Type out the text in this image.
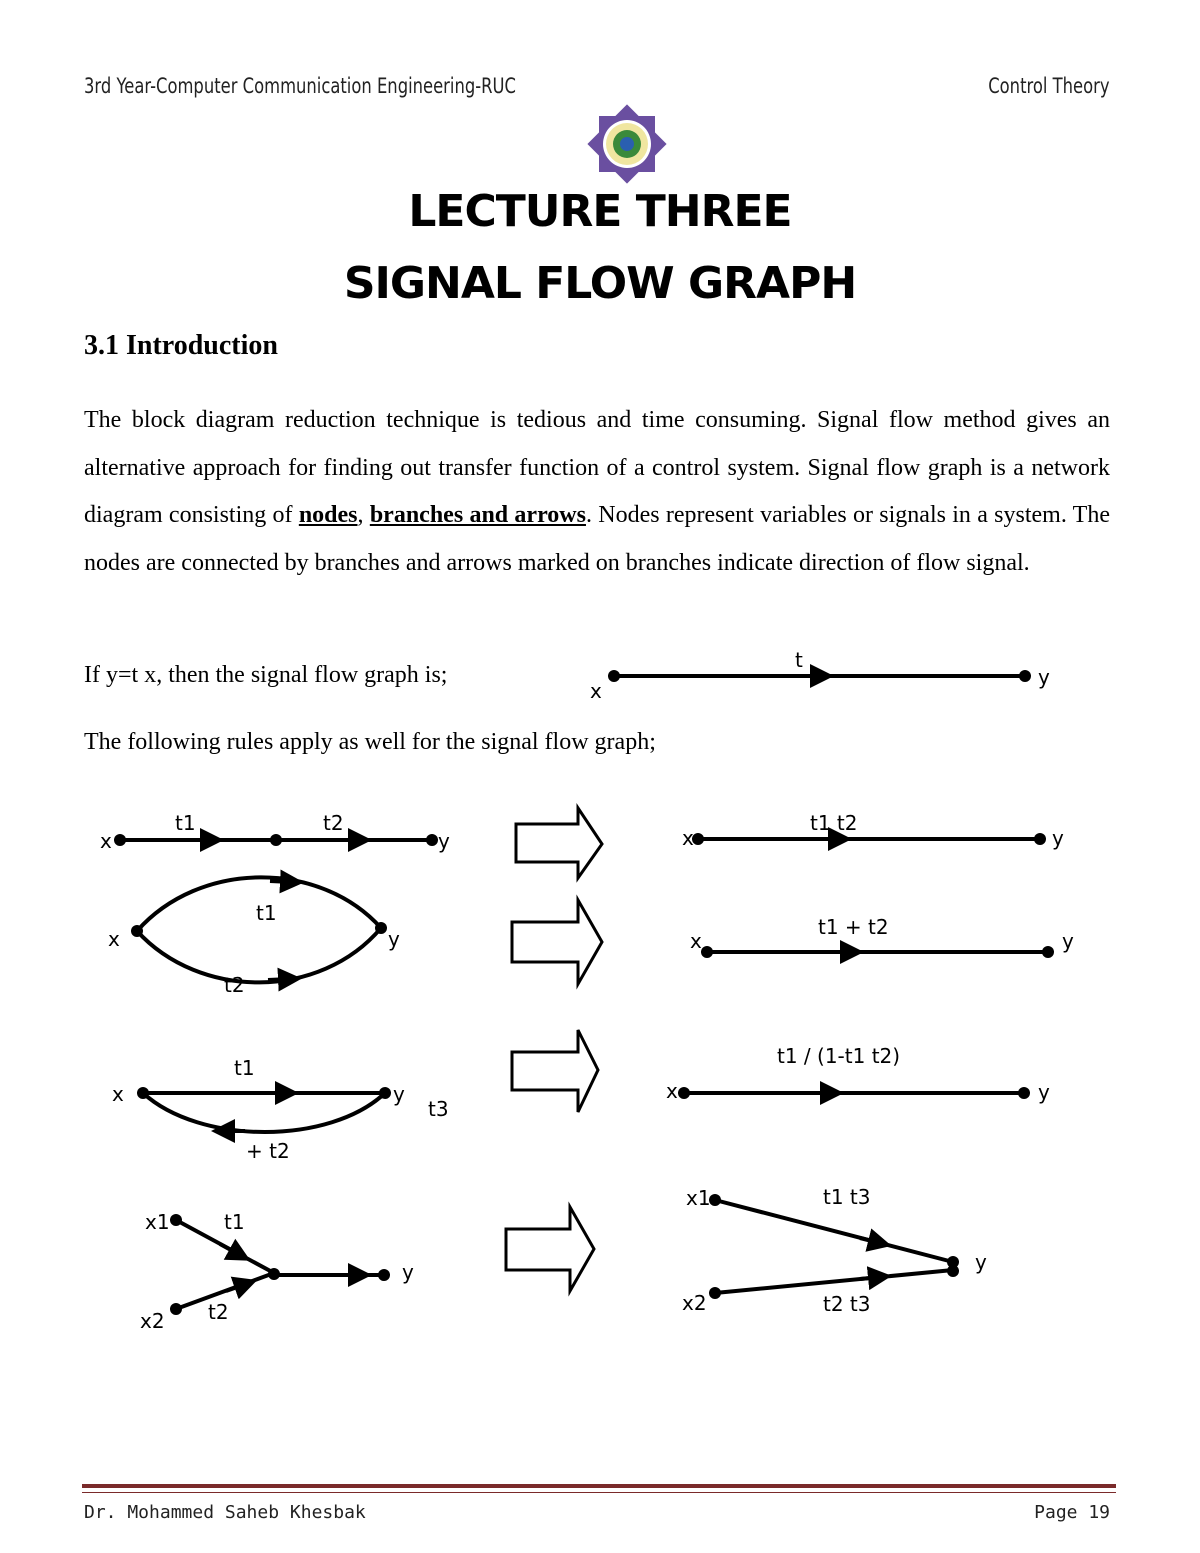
3rd Year-Computer Communication Engineering-RUC	Control Theory
LECTURE THREE
SIGNAL FLOW GRAPH
3.1 Introduction
The block diagram reduction technique is tedious and time consuming. Signal flow method gives an alternative approach for finding out transfer function of a control system. Signal flow graph is a network diagram consisting of nodes, branches and arrows. Nodes represent variables or signals in a system. The nodes are connected by branches and arrows marked on branches indicate direction of flow signal.
If y=t x, then the signal flow graph is;
The following rules apply as well for the signal flow graph;
x
t
y
x
t1	t2
y	x
t1 t2
y
x
t1
t2
y	x
t1 + t2
y
x
t1
y
t3
+ t2
x
t1 / (1-t1 t2)
y
x1	t1
x2 t2
y
x1	t1 t3
x2	t2 t3
y
Dr. Mohammed Saheb Khesbak	Page 19
